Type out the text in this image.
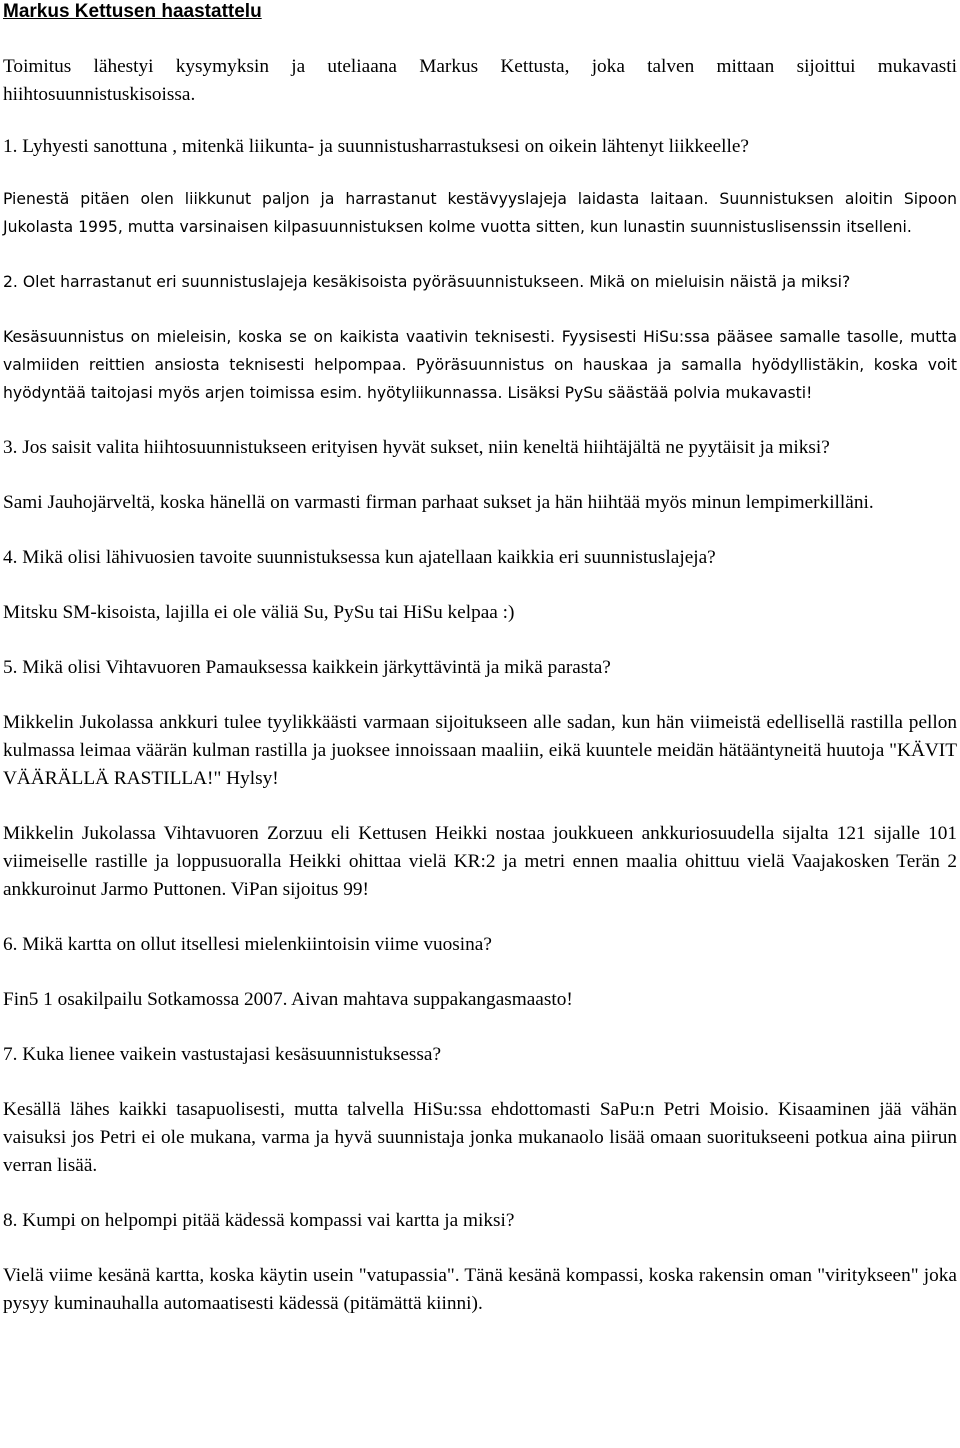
Markus Kettusen haastattelu

Toimitus lähestyi kysymyksin ja uteliaana Markus Kettusta, joka talven mittaan sijoittui mukavasti hiihtosuunnistuskisoissa.

1. Lyhyesti sanottuna , mitenkä liikunta- ja suunnistusharrastuksesi on oikein lähtenyt liikkeelle?

Pienestä pitäen olen liikkunut paljon ja harrastanut kestävyyslajeja laidasta laitaan. Suunnistuksen aloitin Sipoon Jukolasta 1995, mutta varsinaisen kilpasuunnistuksen kolme vuotta sitten, kun lunastin suunnistuslisenssin itselleni.

2. Olet harrastanut eri suunnistuslajeja kesäkisoista pyöräsuunnistukseen. Mikä on mieluisin näistä ja miksi?

Kesäsuunnistus on mieleisin, koska se on kaikista vaativin teknisesti. Fyysisesti HiSu:ssa pääsee samalle tasolle, mutta valmiiden reittien ansiosta teknisesti helpompaa. Pyöräsuunnistus on hauskaa ja samalla hyödyllistäkin, koska voit hyödyntää taitojasi myös arjen toimissa esim. hyötyliikunnassa. Lisäksi PySu säästää polvia mukavasti!

3. Jos saisit valita hiihtosuunnistukseen erityisen hyvät sukset, niin keneltä hiihtäjältä ne pyytäisit ja miksi?

Sami Jauhojärveltä, koska hänellä on varmasti firman parhaat sukset ja hän hiihtää myös minun lempimerkilläni.

4. Mikä olisi lähivuosien tavoite suunnistuksessa kun ajatellaan kaikkia eri suunnistuslajeja?

Mitsku SM-kisoista, lajilla ei ole väliä Su, PySu tai HiSu kelpaa :)

5. Mikä olisi Vihtavuoren Pamauksessa kaikkein järkyttävintä ja mikä parasta?

Mikkelin Jukolassa ankkuri tulee tyylikkäästi varmaan sijoitukseen alle sadan, kun hän viimeistä edellisellä rastilla pellon kulmassa leimaa väärän kulman rastilla ja juoksee innoissaan maaliin, eikä kuuntele meidän hätääntyneitä huutoja "KÄVIT VÄÄRÄLLÄ RASTILLA!" Hylsy!

Mikkelin Jukolassa Vihtavuoren Zorzuu eli Kettusen Heikki nostaa joukkueen ankkuriosuudella sijalta 121 sijalle 101 viimeiselle rastille ja loppusuoralla Heikki ohittaa vielä KR:2 ja metri ennen maalia ohittuu vielä Vaajakosken Terän 2 ankkuroinut Jarmo Puttonen. ViPan sijoitus 99!

6. Mikä kartta on ollut itsellesi mielenkiintoisin viime vuosina?

Fin5 1 osakilpailu Sotkamossa 2007. Aivan mahtava suppakangasmaasto!

7. Kuka lienee vaikein vastustajasi kesäsuunnistuksessa?

Kesällä lähes kaikki tasapuolisesti, mutta talvella HiSu:ssa ehdottomasti SaPu:n Petri Moisio. Kisaaminen jää vähän vaisuksi jos Petri ei ole mukana, varma ja hyvä suunnistaja jonka mukanaolo lisää omaan suoritukseeni potkua aina piirun verran lisää.

8. Kumpi on helpompi pitää kädessä kompassi vai kartta ja miksi?

Vielä viime kesänä kartta, koska käytin usein "vatupassia". Tänä kesänä kompassi, koska rakensin oman "viritykseen" joka pysyy kuminauhalla automaatisesti kädessä (pitämättä kiinni).
